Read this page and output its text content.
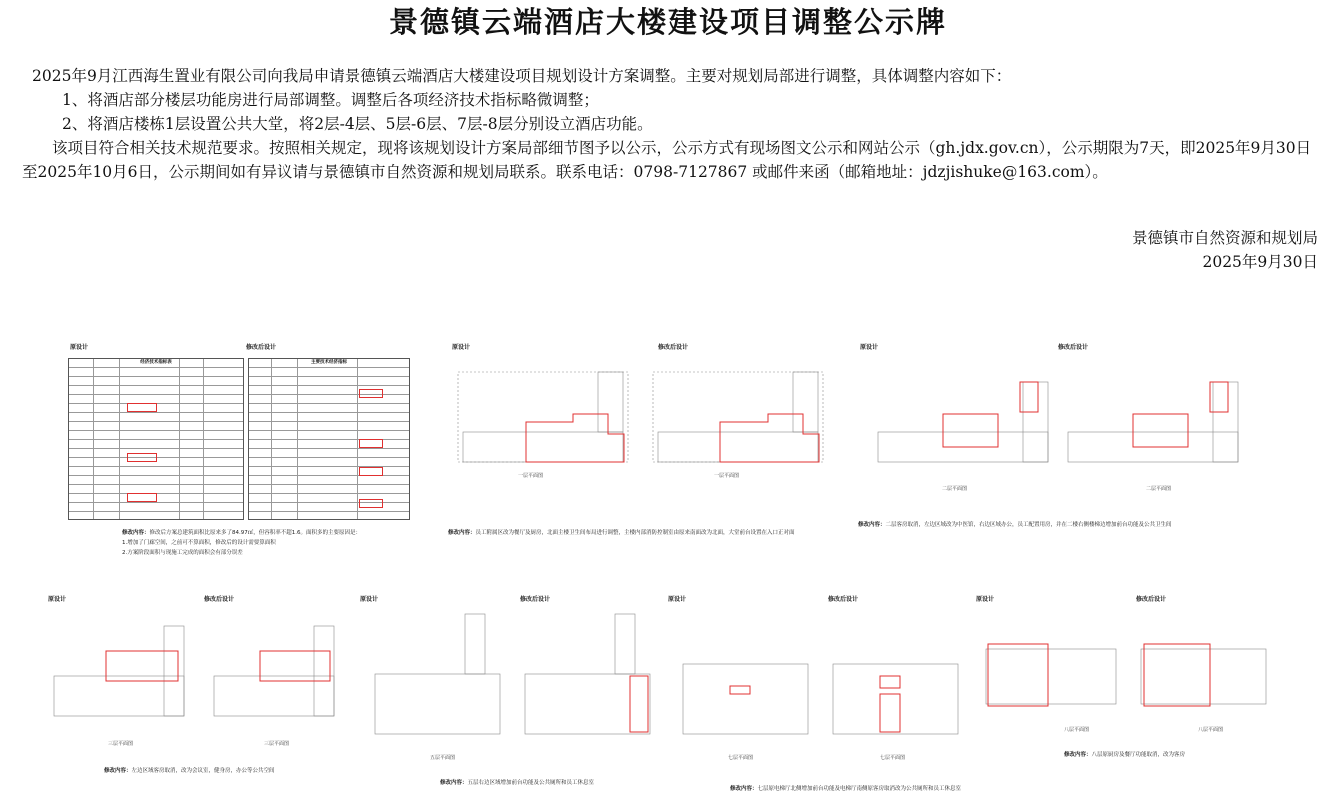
景德镇云端酒店大楼建设项目调整公示牌

2025年9月江西海生置业有限公司向我局申请景德镇云端酒店大楼建设项目规划设计方案调整。主要对规划局部进行调整，具体调整内容如下：

1、将酒店部分楼层功能房进行局部调整。调整后各项经济技术指标略微调整；

2、将酒店楼栋1层设置公共大堂，将2层-4层、5层-6层、7层-8层分别设立酒店功能。

该项目符合相关技术规范要求。按照相关规定，现将该规划设计方案局部细节图予以公示，公示方式有现场图文公示和网站公示（gh.jdx.gov.cn），公示期限为7天，即2025年9月30日至2025年10月6日，公示期间如有异议请与景德镇市自然资源和规划局联系。联系电话：0798-7127867 或邮件来函（邮箱地址：jdzjishuke@163.com）。

景德镇市自然资源和规划局
2025年9月30日
原设计	修改后设计
经济技术指标表	主要技术经济指标
修改内容：修改后方案总建筑面积比原来多了84.97㎡，但容积率不超1.6。面积多的主要原因是：
1.增加了门廊空间，之前可不算面积，修改后的设计需要算面积
2.方案阶段面积与现施工完成的面积会有部分误差
原设计	修改后设计
一层平面图	一层平面图
修改内容：员工附属区改为餐厅及厨房，北面主楼卫生间布局进行调整，主楼内部消防控制室由原来南面改为北面，大堂前台设置在入口正对面
原设计	修改后设计
二层平面图	二层平面图
修改内容：二层客房取消，左边区域改为中医馆，右边区域办公，员工配置用房，并在二楼右侧楼梯边增加前台功能及公共卫生间
原设计	修改后设计
三层平面图	三层平面图
修改内容：左边区域客房取消，改为会议室，健身房，办公等公共空间
原设计	修改后设计
五层平面图
修改内容：五层右边区域增加前台功能及公共厕所和员工休息室
原设计	修改后设计
七层平面图	七层平面图
修改内容：七层原电梯厅北侧增加前台功能及电梯厅南侧原客房取消改为公共厕所和员工休息室
原设计	修改后设计
八层平面图	八层平面图
修改内容：八层原厨房及餐厅功能取消，改为客房
